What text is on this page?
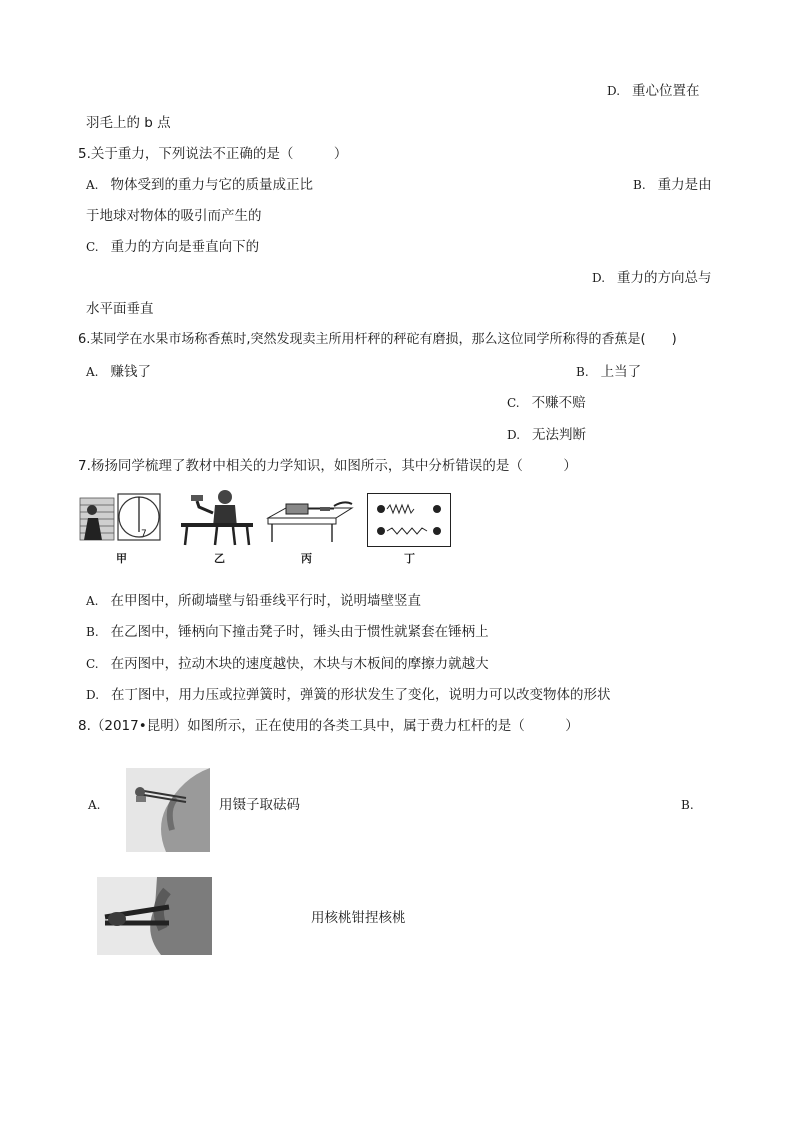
D. 重心位置在
羽毛上的 b 点
5.关于重力，下列说法不正确的是（　　　）
A. 物体受到的重力与它的质量成正比	B. 重力是由
于地球对物体的吸引而产生的
C. 重力的方向是垂直向下的
D. 重力的方向总与
水平面垂直
6.某同学在水果市场称香蕉时,突然发现卖主所用杆秤的秤砣有磨损，那么这位同学所称得的香蕉是(　　)
A. 赚钱了	B. 上当了
C. 不赚不赔
D. 无法判断
7.杨扬同学梳理了教材中相关的力学知识，如图所示，其中分析错误的是（　　　）
7
甲	乙	丙	丁
A. 在甲图中，所砌墙壁与铅垂线平行时，说明墙壁竖直
B. 在乙图中，锤柄向下撞击凳子时，锤头由于惯性就紧套在锤柄上
C. 在丙图中，拉动木块的速度越快，木块与木板间的摩擦力就越大
D. 在丁图中，用力压或拉弹簧时，弹簧的形状发生了变化，说明力可以改变物体的形状
8.（2017•昆明）如图所示，正在使用的各类工具中，属于费力杠杆的是（　　　）
A.	用镊子取砝码	B.
用核桃钳捏核桃
